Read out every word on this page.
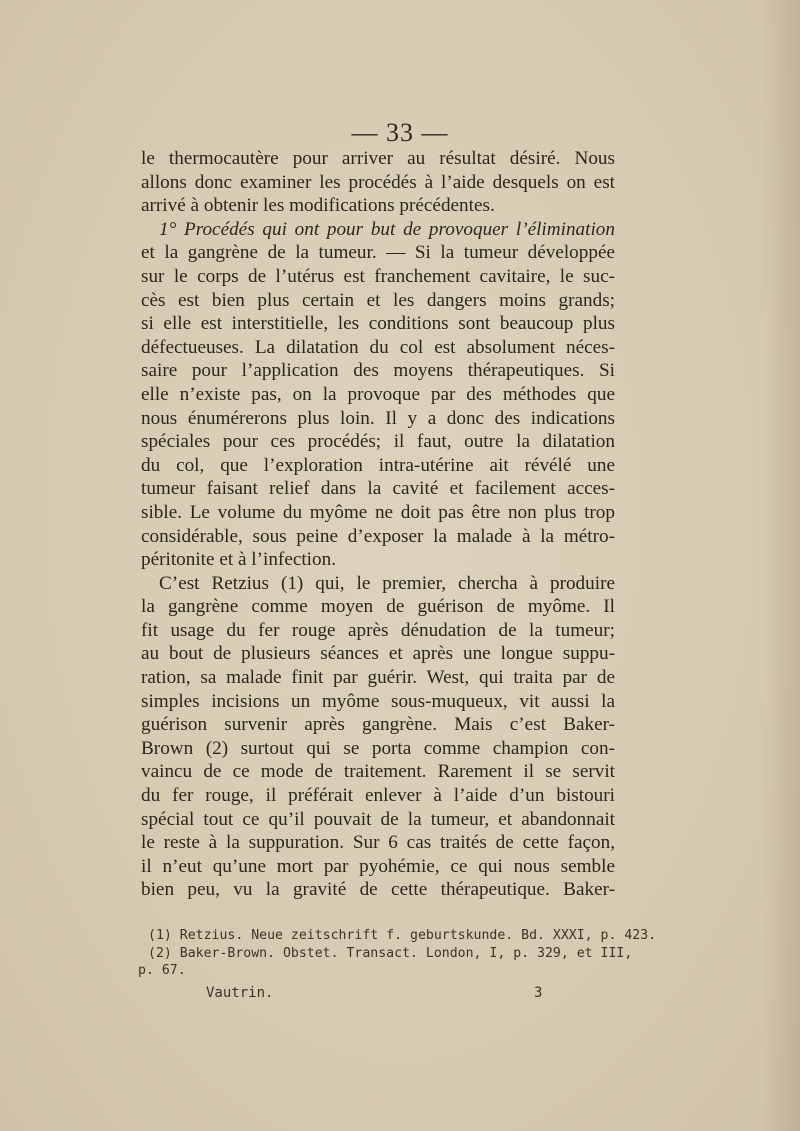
— 33 —
le thermocautère pour arriver au résultat désiré. Nous
allons donc examiner les procédés à l’aide desquels on est
arrivé à obtenir les modifications précédentes.
1° Procédés qui ont pour but de provoquer l’élimination
et la gangrène de la tumeur. — Si la tumeur développée
sur le corps de l’utérus est franchement cavitaire, le suc-
cès est bien plus certain et les dangers moins grands;
si elle est interstitielle, les conditions sont beaucoup plus
défectueuses. La dilatation du col est absolument néces-
saire pour l’application des moyens thérapeutiques. Si
elle n’existe pas, on la provoque par des méthodes que
nous énumérerons plus loin. Il y a donc des indications
spéciales pour ces procédés; il faut, outre la dilatation
du col, que l’exploration intra-utérine ait révélé une
tumeur faisant relief dans la cavité et facilement acces-
sible. Le volume du myôme ne doit pas être non plus trop
considérable, sous peine d’exposer la malade à la métro-
péritonite et à l’infection.
C’est Retzius (1) qui, le premier, chercha à produire
la gangrène comme moyen de guérison de myôme. Il
fit usage du fer rouge après dénudation de la tumeur;
au bout de plusieurs séances et après une longue suppu-
ration, sa malade finit par guérir. West, qui traita par de
simples incisions un myôme sous-muqueux, vit aussi la
guérison survenir après gangrène. Mais c’est Baker-
Brown (2) surtout qui se porta comme champion con-
vaincu de ce mode de traitement. Rarement il se servit
du fer rouge, il préférait enlever à l’aide d’un bistouri
spécial tout ce qu’il pouvait de la tumeur, et abandonnait
le reste à la suppuration. Sur 6 cas traités de cette façon,
il n’eut qu’une mort par pyohémie, ce qui nous semble
bien peu, vu la gravité de cette thérapeutique. Baker-
(1) Retzius. Neue zeitschrift f. geburtskunde. Bd. XXXI, p. 423.
(2) Baker-Brown. Obstet. Transact. London, I, p. 329, et III,
p. 67.
Vautrin.	3
